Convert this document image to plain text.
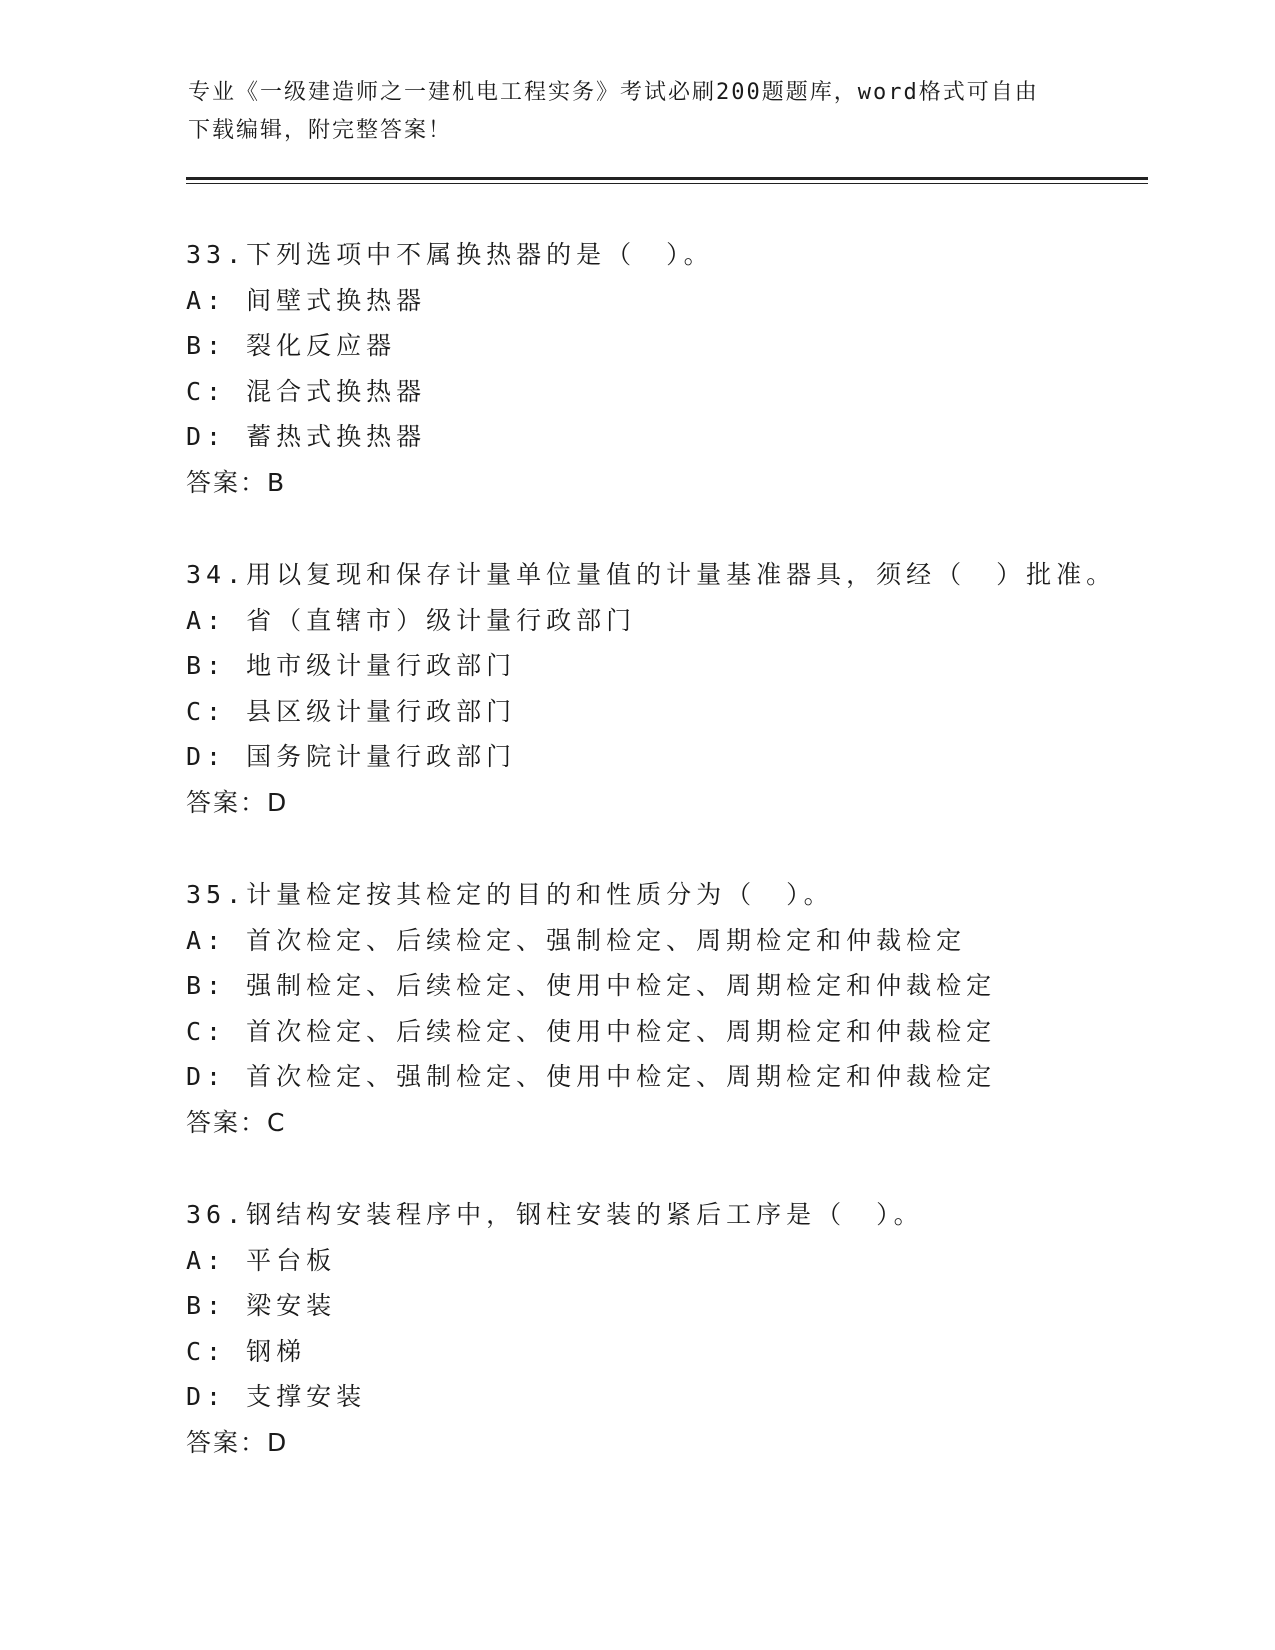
专业《一级建造师之一建机电工程实务》考试必刷200题题库，word格式可自由
下载编辑，附完整答案！
33.下列选项中不属换热器的是（　）。
A: 间壁式换热器
B: 裂化反应器
C: 混合式换热器
D: 蓄热式换热器
答案：B
34.用以复现和保存计量单位量值的计量基准器具，须经（　）批准。
A: 省（直辖市）级计量行政部门
B: 地市级计量行政部门
C: 县区级计量行政部门
D: 国务院计量行政部门
答案：D
35.计量检定按其检定的目的和性质分为（　）。
A: 首次检定、后续检定、强制检定、周期检定和仲裁检定
B: 强制检定、后续检定、使用中检定、周期检定和仲裁检定
C: 首次检定、后续检定、使用中检定、周期检定和仲裁检定
D: 首次检定、强制检定、使用中检定、周期检定和仲裁检定
答案：C
36.钢结构安装程序中，钢柱安装的紧后工序是（　）。
A: 平台板
B: 梁安装
C: 钢梯
D: 支撑安装
答案：D
